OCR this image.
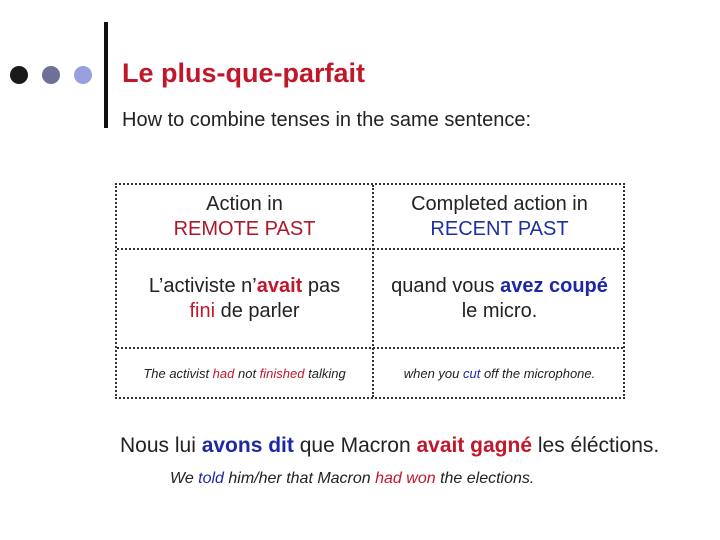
Le plus-que-parfait
How to combine tenses in the same sentence:
Action in
REMOTE PAST
Completed action in
RECENT PAST
L’activiste n’avait pas
fini de parler
quand vous avez coupé
le micro.
The activist had not finished talking	when you cut off the microphone.
Nous lui avons dit que Macron avait gagné les éléctions.
We told him/her that Macron had won the elections.
